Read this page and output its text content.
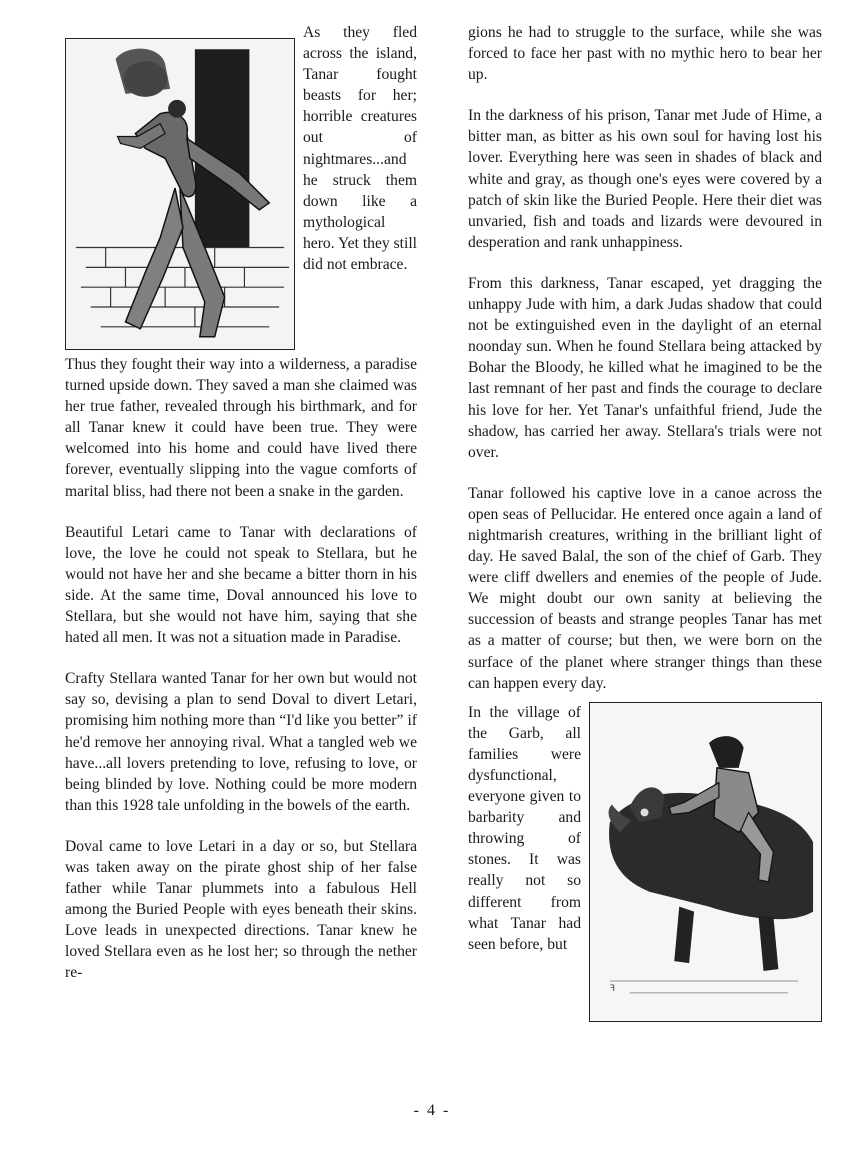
As they fled across the island, Tanar fought beasts for her; horrible creatures out of nightmares...and he struck them down like a mythological hero. Yet they still did not embrace.

Thus they fought their way into a wilderness, a paradise turned upside down. They saved a man she claimed was her true father, revealed through his birthmark, and for all Tanar knew it could have been true. They were welcomed into his home and could have lived there forever, eventually slipping into the vague comforts of marital bliss, had there not been a snake in the garden.

Beautiful Letari came to Tanar with declarations of love, the love he could not speak to Stellara, but he would not have her and she became a bitter thorn in his side. At the same time, Doval announced his love to Stellara, but she would not have him, saying that she hated all men. It was not a situation made in Paradise.

Crafty Stellara wanted Tanar for her own but would not say so, devising a plan to send Doval to divert Letari, promising him nothing more than “I'd like you better” if he'd remove her annoying rival. What a tangled web we have...all lovers pretending to love, refusing to love, or being blinded by love. Nothing could be more modern than this 1928 tale unfolding in the bowels of the earth.

Doval came to love Letari in a day or so, but Stellara was taken away on the pirate ghost ship of her false father while Tanar plummets into a fabulous Hell among the Buried People with eyes beneath their skins. Love leads in unexpected directions. Tanar knew he loved Stellara even as he lost her; so through the nether re-

gions he had to struggle to the surface, while she was forced to face her past with no mythic hero to bear her up.

In the darkness of his prison, Tanar met Jude of Hime, a bitter man, as bitter as his own soul for having lost his lover. Everything here was seen in shades of black and white and gray, as though one's eyes were covered by a patch of skin like the Buried People. Here their diet was unvaried, fish and toads and lizards were devoured in desperation and rank unhappiness.

From this darkness, Tanar escaped, yet dragging the unhappy Jude with him, a dark Judas shadow that could not be extinguished even in the daylight of an eternal noonday sun. When he found Stellara being attacked by Bohar the Bloody, he killed what he imagined to be the last remnant of her past and finds the courage to declare his love for her. Yet Tanar's unfaithful friend, Jude the shadow, has carried her away. Stellara's trials were not over.

Tanar followed his captive love in a canoe across the open seas of Pellucidar. He entered once again a land of nightmarish creatures, writhing in the brilliant light of day. He saved Balal, the son of the chief of Garb. They were cliff dwellers and enemies of the people of Jude. We might doubt our own sanity at believing the succession of beasts and strange peoples Tanar has met as a matter of course; but then, we were born on the surface of the planet where stranger things than these can happen every day.

ꟻ

In the village of the Garb, all families were dysfunctional, everyone given to barbarity and throwing of stones. It was really not so different from what Tanar had seen before, but

- 4 -
